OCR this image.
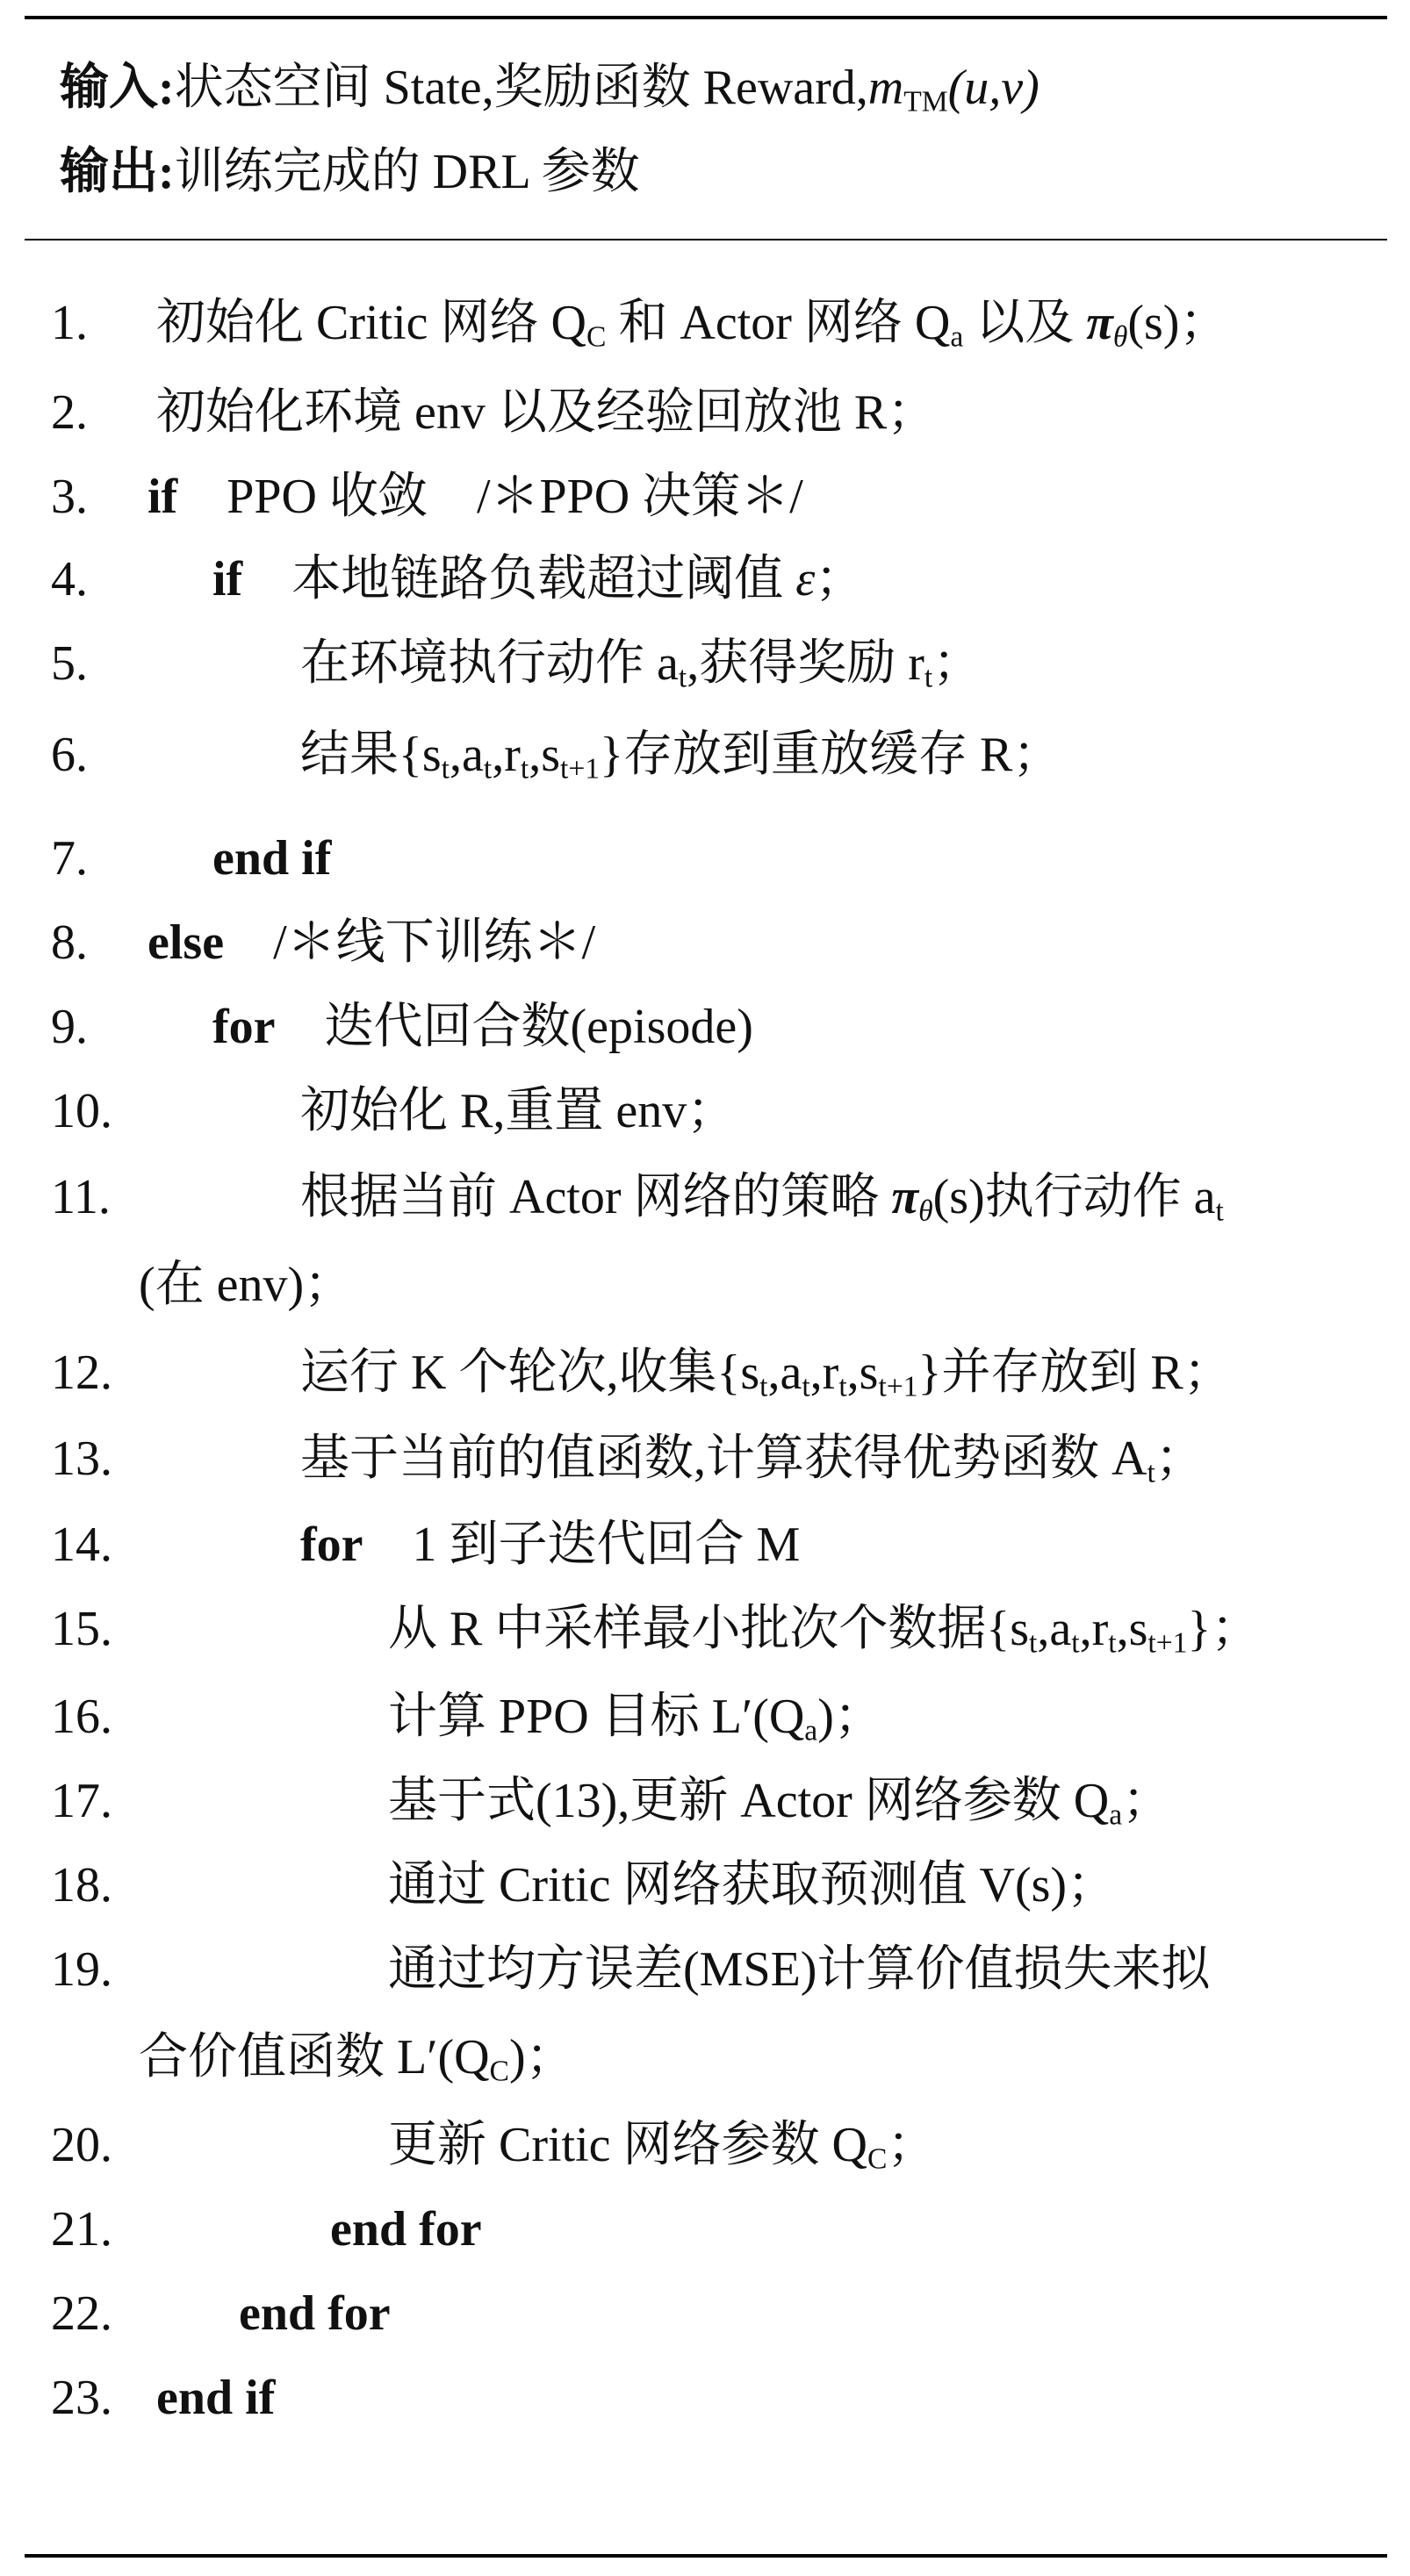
输入:状态空间 State,奖励函数 $Reward,m_{TM}(u,v)$
输出:训练完成的 DRL 参数
1. 初始化 Critic 网络 $Q_C$ 和 Actor 网络 $Q_a$ 以及 $\pi_\theta(s)$；
2. 初始化环境 env 以及经验回放池 R；
3. if　PPO 收敛　/＊PPO 决策＊/
4.	if　本地链路负载超过阈值 ε；
5.	在环境执行动作 $a_t$,获得奖励 $r_t$；
6.	结果$\{s_t,a_t,r_t,s_{t+1}\}$存放到重放缓存 R；
7.	end if
8. else　/＊线下训练＊/
9.	for　迭代回合数(episode)
10.	初始化 R,重置 env；
11.	根据当前 Actor 网络的策略 $\pi_\theta(s)$执行动作 $a_t$
(在 env)；
12.	运行 K 个轮次,收集$\{s_t,a_t,r_t,s_{t+1}\}$并存放到 R；
13.	基于当前的值函数,计算获得优势函数 $A_t$；
14.	for　1 到子迭代回合 M
15.	从 R 中采样最小批次个数据$\{s_t,a_t,r_t,s_{t+1}\}$；
16.	计算 PPO 目标 $L'(Q_a)$；
17.	基于式(13),更新 Actor 网络参数 $Q_a$；
18.	通过 Critic 网络获取预测值 V(s)；
19.	通过均方误差(MSE)计算价值损失来拟
合价值函数 $L'(Q_C)$；
20.	更新 Critic 网络参数 $Q_C$；
21.	end for
22.	end for
23. end if
